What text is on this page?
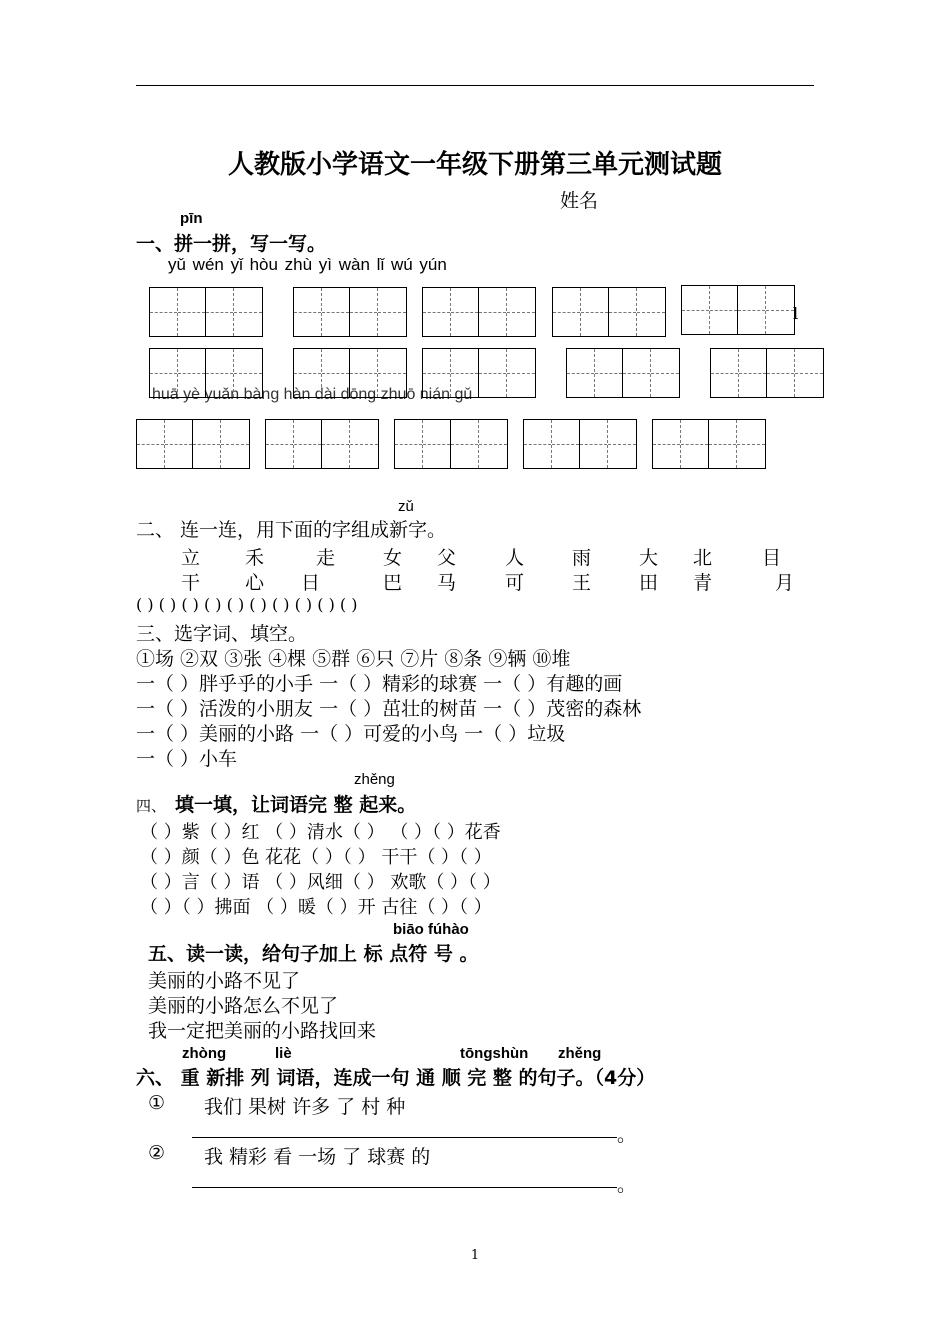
人教版小学语文一年级下册第三单元测试题
姓名
pīn
一、拼一拼，写一写。
yǔ wén yǐ hòu zhù yì wàn lǐ wú yún
l
huā yè yuǎn bàng hàn dài dōng zhuō nián gǔ
zǔ
二、 连一连，用下面的字组成新字。
立 禾	走	女 父	人	雨	大 北	目
干 心 日	巴 马	可	王	田 青	月
( ) ( ) ( ) ( ) ( ) ( ) ( ) ( ) ( ) ( )
三、选字词、填空。
①场 ②双 ③张 ④棵 ⑤群 ⑥只 ⑦片 ⑧条 ⑨辆 ⑩堆
一（ ）胖乎乎的小手 一（ ）精彩的球赛 一（ ）有趣的画
一（ ）活泼的小朋友 一（ ）茁壮的树苗 一（ ）茂密的森林
一（ ）美丽的小路 一（ ）可爱的小鸟 一（ ）垃圾
一（ ）小车
zhěng
四、 填一填，让词语完 整 起来。
（ ）紫（ ）红 （ ）清水（ ） （ ）（ ）花香
（ ）颜（ ）色 花花（ ）（ ） 干干（ ）（ ）
（ ）言（ ）语 （ ）风细（ ） 欢歌（ ）（ ）
（ ）（ ）拂面 （ ）暖（ ）开 古往（ ）（ ）
biāo fúhào
五、读一读，给句子加上 标 点符 号 。
美丽的小路不见了
美丽的小路怎么不见了
我一定把美丽的小路找回来
zhòng	liè	tōngshùn zhěng
六、 重 新排 列 词语，连成一句 通 顺 完 整 的句子。（4分）
① 我们 果树 许多 了 村 种
。
② 我 精彩 看 一场 了 球赛 的
。
1
